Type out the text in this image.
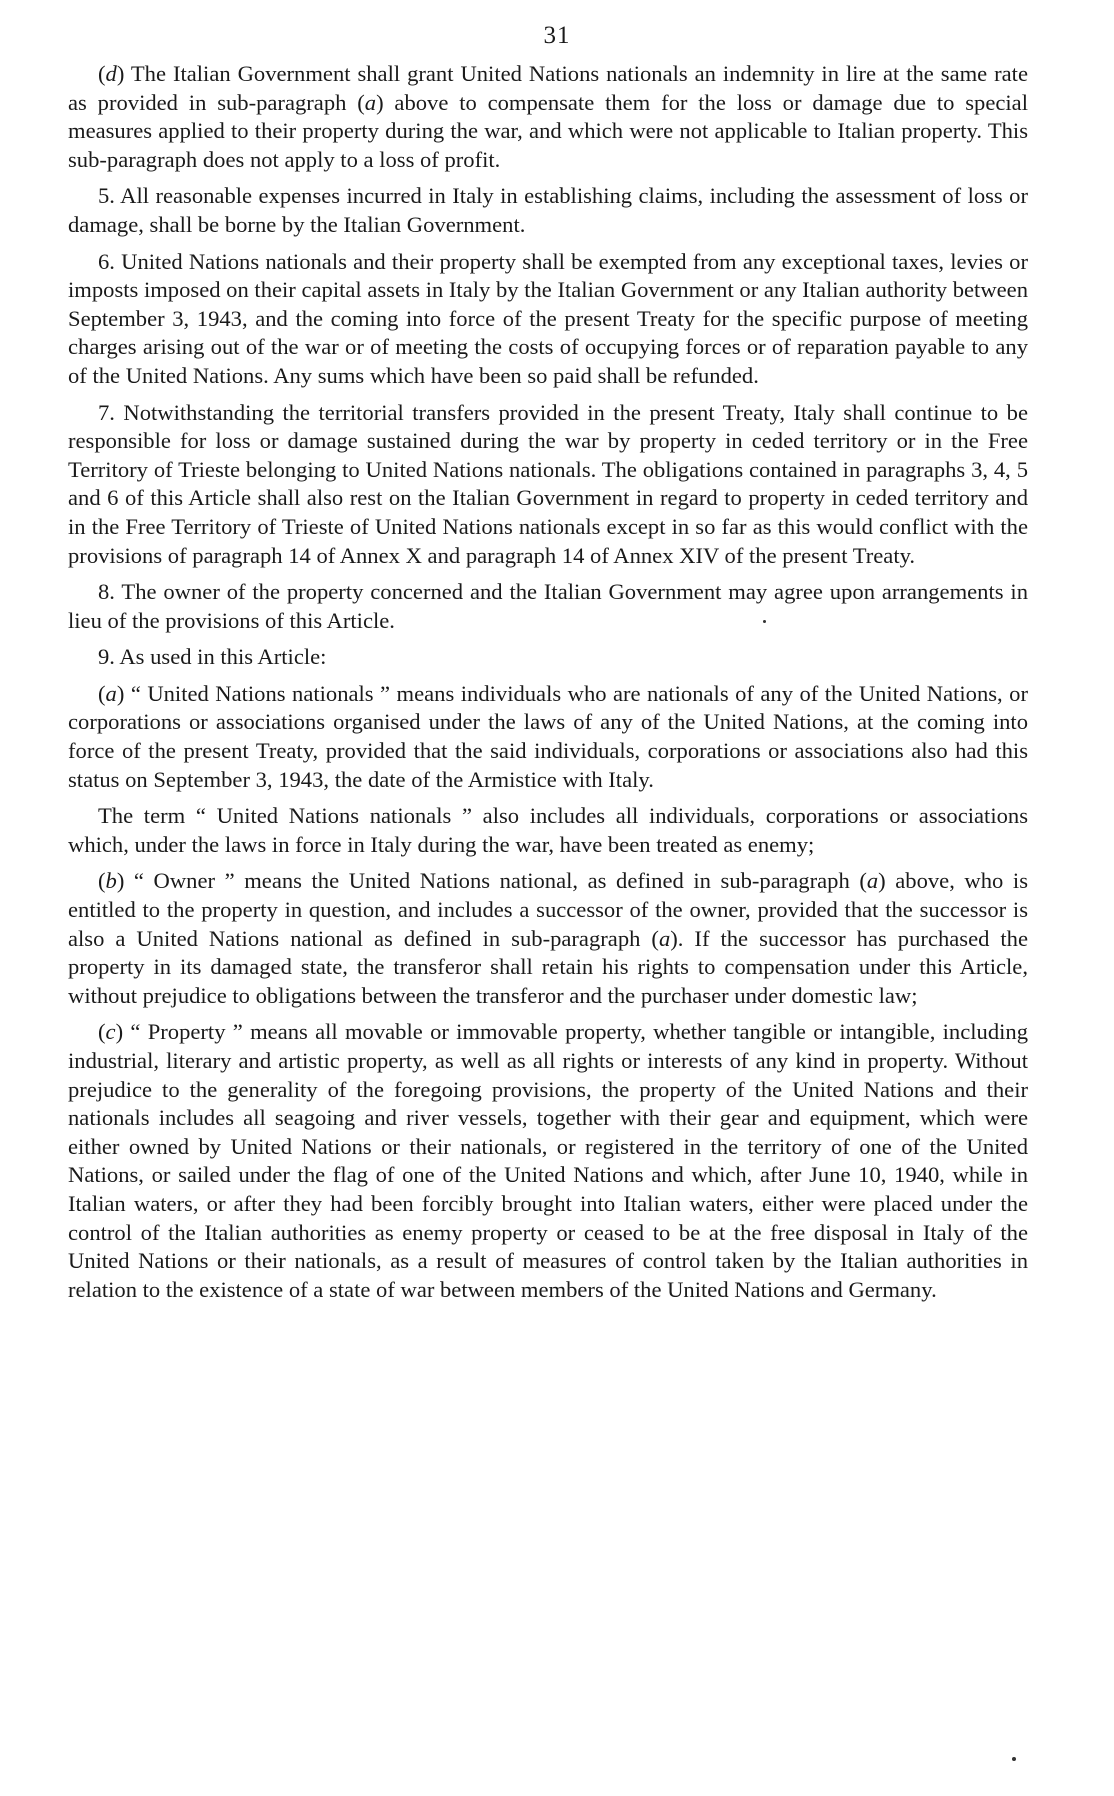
31

(d) The Italian Government shall grant United Nations nationals an indemnity in lire at the same rate as provided in sub-paragraph (a) above to compensate them for the loss or damage due to special measures applied to their property during the war, and which were not applicable to Italian property. This sub-paragraph does not apply to a loss of profit.

5. All reasonable expenses incurred in Italy in establishing claims, including the assessment of loss or damage, shall be borne by the Italian Government.

6. United Nations nationals and their property shall be exempted from any exceptional taxes, levies or imposts imposed on their capital assets in Italy by the Italian Government or any Italian authority between September 3, 1943, and the coming into force of the present Treaty for the specific purpose of meeting charges arising out of the war or of meeting the costs of occupying forces or of reparation payable to any of the United Nations. Any sums which have been so paid shall be refunded.

7. Notwithstanding the territorial transfers provided in the present Treaty, Italy shall continue to be responsible for loss or damage sustained during the war by property in ceded territory or in the Free Territory of Trieste belonging to United Nations nationals. The obligations contained in paragraphs 3, 4, 5 and 6 of this Article shall also rest on the Italian Government in regard to property in ceded territory and in the Free Territory of Trieste of United Nations nationals except in so far as this would conflict with the provisions of paragraph 14 of Annex X and paragraph 14 of Annex XIV of the present Treaty.

8. The owner of the property concerned and the Italian Government may agree upon arrangements in lieu of the provisions of this Article.

9. As used in this Article:

(a) “ United Nations nationals ” means individuals who are nationals of any of the United Nations, or corporations or associations organised under the laws of any of the United Nations, at the coming into force of the present Treaty, provided that the said individuals, corporations or associations also had this status on September 3, 1943, the date of the Armistice with Italy.

The term “ United Nations nationals ” also includes all individuals, corporations or associations which, under the laws in force in Italy during the war, have been treated as enemy;

(b) “ Owner ” means the United Nations national, as defined in sub-paragraph (a) above, who is entitled to the property in question, and includes a successor of the owner, provided that the successor is also a United Nations national as defined in sub-paragraph (a). If the successor has purchased the property in its damaged state, the transferor shall retain his rights to compensation under this Article, without prejudice to obligations between the transferor and the purchaser under domestic law;

(c) “ Property ” means all movable or immovable property, whether tangible or intangible, including industrial, literary and artistic property, as well as all rights or interests of any kind in property. Without prejudice to the generality of the foregoing provisions, the property of the United Nations and their nationals includes all seagoing and river vessels, together with their gear and equipment, which were either owned by United Nations or their nationals, or registered in the territory of one of the United Nations, or sailed under the flag of one of the United Nations and which, after June 10, 1940, while in Italian waters, or after they had been forcibly brought into Italian waters, either were placed under the control of the Italian authorities as enemy property or ceased to be at the free disposal in Italy of the United Nations or their nationals, as a result of measures of control taken by the Italian authorities in relation to the existence of a state of war between members of the United Nations and Germany.
